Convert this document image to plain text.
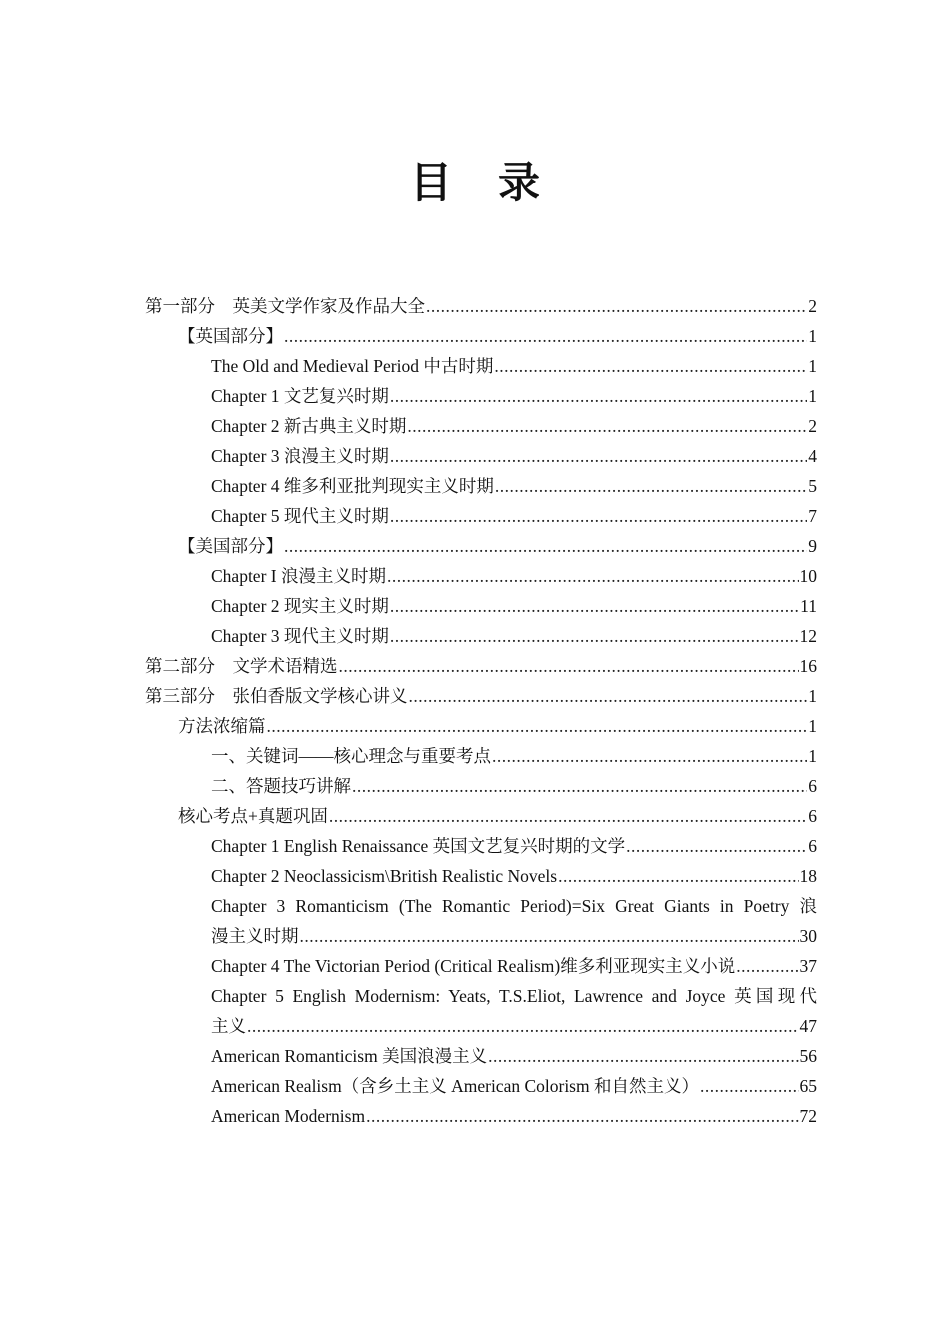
目 录
第一部分　英美文学作家及作品大全 .....	2
【英国部分】 .....	1
The Old and Medieval Period 中古时期 .....	1
Chapter 1 文艺复兴时期 .....	1
Chapter 2 新古典主义时期 .....	2
Chapter 3 浪漫主义时期 .....	4
Chapter 4 维多利亚批判现实主义时期 .....	5
Chapter 5 现代主义时期 .....	7
【美国部分】 .....	9
Chapter I 浪漫主义时期 .....	10
Chapter 2 现实主义时期 .....	11
Chapter 3 现代主义时期 .....	12
第二部分　文学术语精选 .....	16
第三部分　张伯香版文学核心讲义 .....	1
方法浓缩篇 .....	1
一、关键词——核心理念与重要考点 .....	1
二、答题技巧讲解 .....	6
核心考点+真题巩固 .....	6
Chapter 1 English Renaissance 英国文艺复兴时期的文学 .....	6
Chapter 2 Neoclassicism\British Realistic Novels .....	18
Chapter 3 Romanticism (The Romantic Period)=Six Great Giants in Poetry 浪
漫主义时期 .....	30
Chapter 4 The Victorian Period (Critical Realism)维多利亚现实主义小说 .....	37
Chapter 5 English Modernism: Yeats, T.S.Eliot, Lawrence and Joyce 英国现代
主义 .....	47
American Romanticism 美国浪漫主义 .....	56
American Realism（含乡土主义 American Colorism 和自然主义） .....	65
American Modernism .....	72
